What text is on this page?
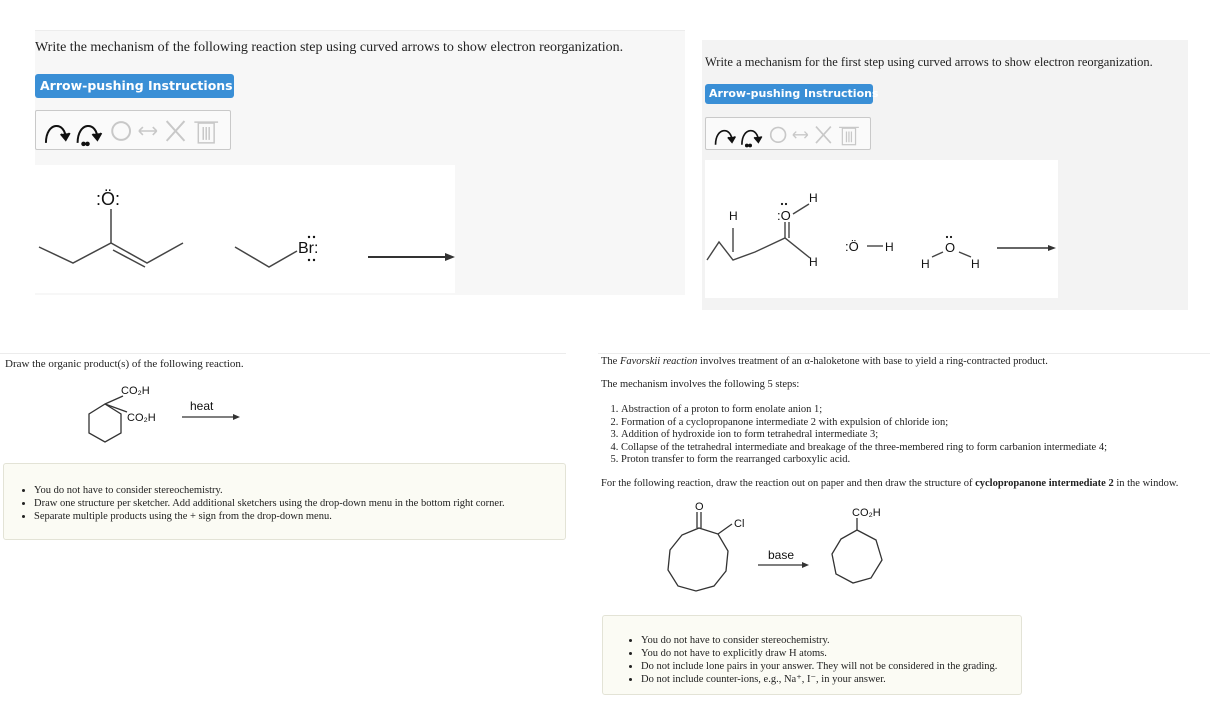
Write the mechanism of the following reaction step using curved arrows to show electron reorganization.
Arrow-pushing Instructions
:Ö:
Br:
Write a mechanism for the first step using curved arrows to show electron reorganization.
Arrow-pushing Instructions
H	:O
H
H
:Ö H
H
O
H
Draw the organic product(s) of the following reaction.
CO₂H
CO₂H
heat
• You do not have to consider stereochemistry.
• Draw one structure per sketcher. Add additional sketchers using the drop-down menu in the bottom right corner.
• Separate multiple products using the + sign from the drop-down menu.
The Favorskii reaction involves treatment of an α-haloketone with base to yield a ring-contracted product.
The mechanism involves the following 5 steps:
1. Abstraction of a proton to form enolate anion 1;
2. Formation of a cyclopropanone intermediate 2 with expulsion of chloride ion;
3. Addition of hydroxide ion to form tetrahedral intermediate 3;
4. Collapse of the tetrahedral intermediate and breakage of the three-membered ring to form carbanion intermediate 4;
5. Proton transfer to form the rearranged carboxylic acid.
For the following reaction, draw the reaction out on paper and then draw the structure of cyclopropanone intermediate 2 in the window.
O
Cl
base
CO₂H
• You do not have to consider stereochemistry.
• You do not have to explicitly draw H atoms.
• Do not include lone pairs in your answer. They will not be considered in the grading.
• Do not include counter-ions, e.g., Na⁺, I⁻, in your answer.
